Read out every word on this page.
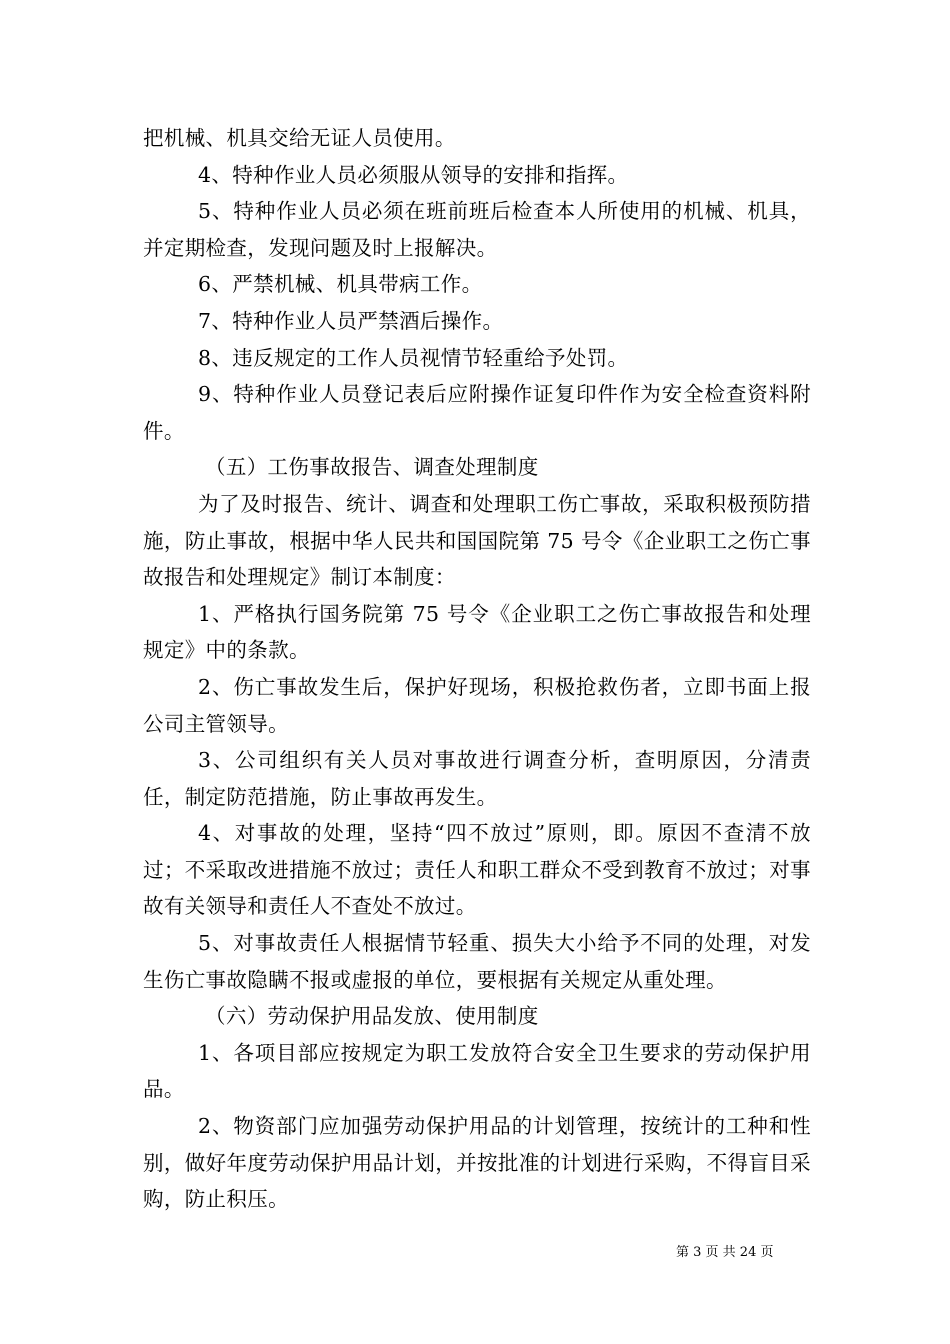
把机械、机具交给无证人员使用。

4、特种作业人员必须服从领导的安排和指挥。

5、特种作业人员必须在班前班后检查本人所使用的机械、机具，并定期检查，发现问题及时上报解决。

6、严禁机械、机具带病工作。

7、特种作业人员严禁酒后操作。

8、违反规定的工作人员视情节轻重给予处罚。

9、特种作业人员登记表后应附操作证复印件作为安全检查资料附件。

（五）工伤事故报告、调查处理制度

为了及时报告、统计、调查和处理职工伤亡事故，采取积极预防措施，防止事故，根据中华人民共和国国院第 75 号令《企业职工之伤亡事故报告和处理规定》制订本制度：

1、严格执行国务院第 75 号令《企业职工之伤亡事故报告和处理规定》中的条款。

2、伤亡事故发生后，保护好现场，积极抢救伤者，立即书面上报公司主管领导。

3、公司组织有关人员对事故进行调查分析，查明原因，分清责任，制定防范措施，防止事故再发生。

4、对事故的处理，坚持“四不放过”原则，即。原因不查清不放过；不采取改进措施不放过；责任人和职工群众不受到教育不放过；对事故有关领导和责任人不查处不放过。

5、对事故责任人根据情节轻重、损失大小给予不同的处理，对发生伤亡事故隐瞒不报或虚报的单位，要根据有关规定从重处理。

（六）劳动保护用品发放、使用制度

1、各项目部应按规定为职工发放符合安全卫生要求的劳动保护用品。

2、物资部门应加强劳动保护用品的计划管理，按统计的工种和性别，做好年度劳动保护用品计划，并按批准的计划进行采购，不得盲目采购，防止积压。

第 3 页 共 24 页
